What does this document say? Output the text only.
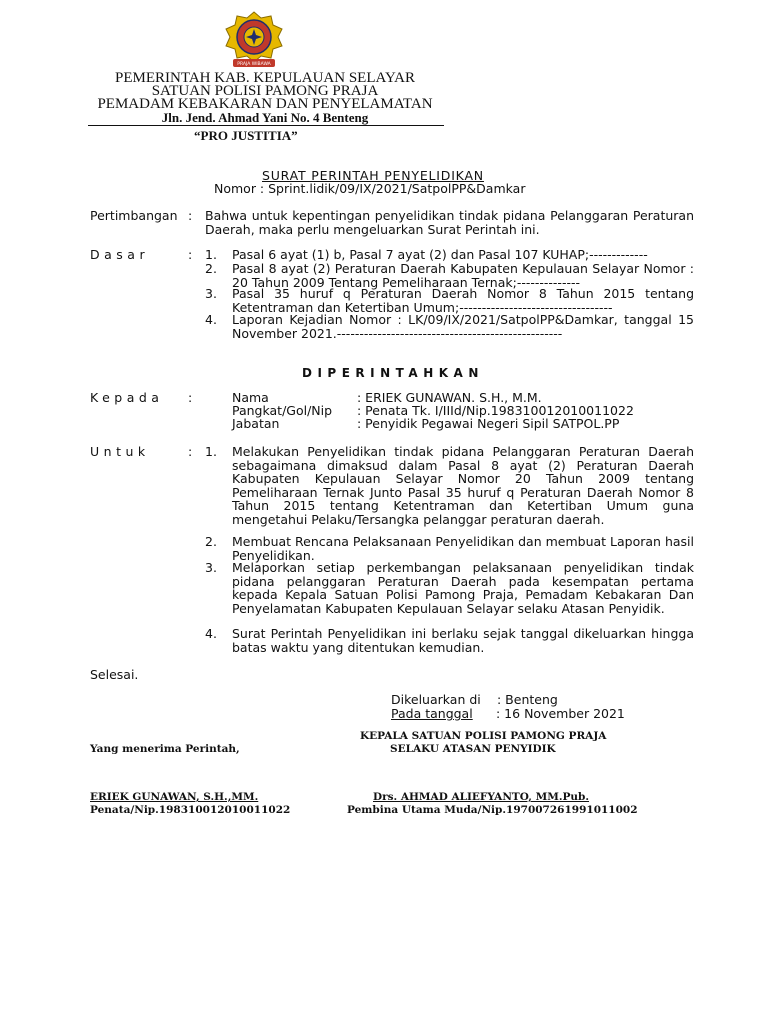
PRAJA WIBAWA
PEMERINTAH KAB. KEPULAUAN SELAYAR
SATUAN POLISI PAMONG PRAJA
PEMADAM KEBAKARAN DAN PENYELAMATAN
Jln. Jend. Ahmad Yani No. 4 Benteng
“PRO JUSTITIA”
SURAT PERINTAH PENYELIDIKAN
Nomor : Sprint.lidik/09/IX/2021/SatpolPP&Damkar
Pertimbangan : Bahwa untuk kepentingan penyelidikan tindak pidana Pelanggaran Peraturan Daerah, maka perlu mengeluarkan Surat Perintah ini.
Dasar	: 1. Pasal 6 ayat (1) b, Pasal 7 ayat (2) dan Pasal 107 KUHAP;-------------
2. Pasal 8 ayat (2) Peraturan Daerah Kabupaten Kepulauan Selayar Nomor : 20 Tahun 2009 Tentang Pemeliharaan Ternak;--------------
3. Pasal 35 huruf q Peraturan Daerah Nomor 8 Tahun 2015 tentang Ketentraman dan Ketertiban Umum;----------------------------------
4. Laporan Kejadian Nomor : LK/09/IX/2021/SatpolPP&Damkar, tanggal 15 November 2021.--------------------------------------------------
DIPERINTAHKAN
Kepada :	Nama	: ERIEK GUNAWAN. S.H., M.M.
Pangkat/Gol/Nip : Penata Tk. I/IIId/Nip.198310012010011022
Jabatan	: Penyidik Pegawai Negeri Sipil SATPOL.PP
Untuk	: 1. Melakukan Penyelidikan tindak pidana Pelanggaran Peraturan Daerah sebagaimana dimaksud dalam Pasal 8 ayat (2) Peraturan Daerah Kabupaten Kepulauan Selayar Nomor 20 Tahun 2009 tentang Pemeliharaan Ternak Junto Pasal 35 huruf q Peraturan Daerah Nomor 8 Tahun 2015 tentang Ketentraman dan Ketertiban Umum guna mengetahui Pelaku/Tersangka pelanggar peraturan daerah.
2. Membuat Rencana Pelaksanaan Penyelidikan dan membuat Laporan hasil Penyelidikan.
3. Melaporkan setiap perkembangan pelaksanaan penyelidikan tindak pidana pelanggaran Peraturan Daerah pada kesempatan pertama kepada Kepala Satuan Polisi Pamong Praja, Pemadam Kebakaran Dan Penyelamatan Kabupaten Kepulauan Selayar selaku Atasan Penyidik.
4. Surat Perintah Penyelidikan ini berlaku sejak tanggal dikeluarkan hingga batas waktu yang ditentukan kemudian.
Selesai.
Dikeluarkan di : Benteng
Pada tanggal : 16 November 2021
KEPALA SATUAN POLISI PAMONG PRAJA
SELAKU ATASAN PENYIDIK
Yang menerima Perintah,
ERIEK GUNAWAN, S.H.,MM.
Penata/Nip.198310012010011022
Drs. AHMAD ALIEFYANTO, MM.Pub.
Pembina Utama Muda/Nip.197007261991011002
